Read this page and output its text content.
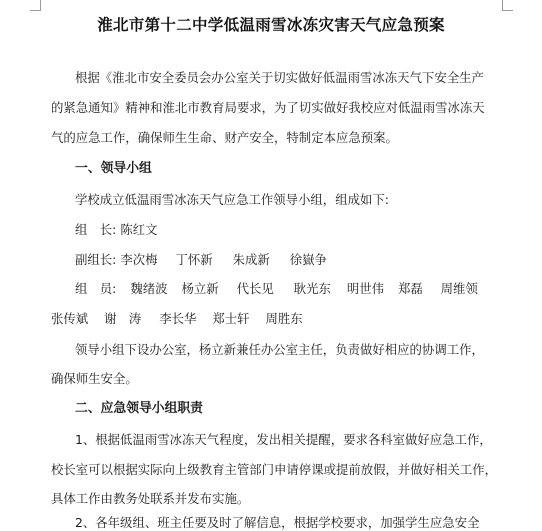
淮北市第十二中学低温雨雪冰冻灾害天气应急预案
根据《淮北市安全委员会办公室关于切实做好低温雨雪冰冻天气下安全生产
的紧急通知》精神和淮北市教育局要求，为了切实做好我校应对低温雨雪冰冻天
气的应急工作，确保师生生命、财产安全，特制定本应急预案。
一、领导小组
学校成立低温雨雪冰冻天气应急工作领导小组，组成如下:
组　长: 陈红文
副组长: 李次梅 丁怀新 朱成新 徐嶽争
组　员: 魏绪波 杨立新 代长见 耿光东 明世伟 郑磊 周维领
张传斌 谢　涛 李长华 郑士轩 周胜东
领导小组下设办公室，杨立新兼任办公室主任，负责做好相应的协调工作，
确保师生安全。
二、应急领导小组职责
1、根据低温雨雪冰冻天气程度，发出相关提醒，要求各科室做好应急工作，
校长室可以根据实际向上级教育主管部门申请停课或提前放假，并做好相关工作，
具体工作由教务处联系并发布实施。
2、各年级组、班主任要及时了解信息，根据学校要求，加强学生应急安全
